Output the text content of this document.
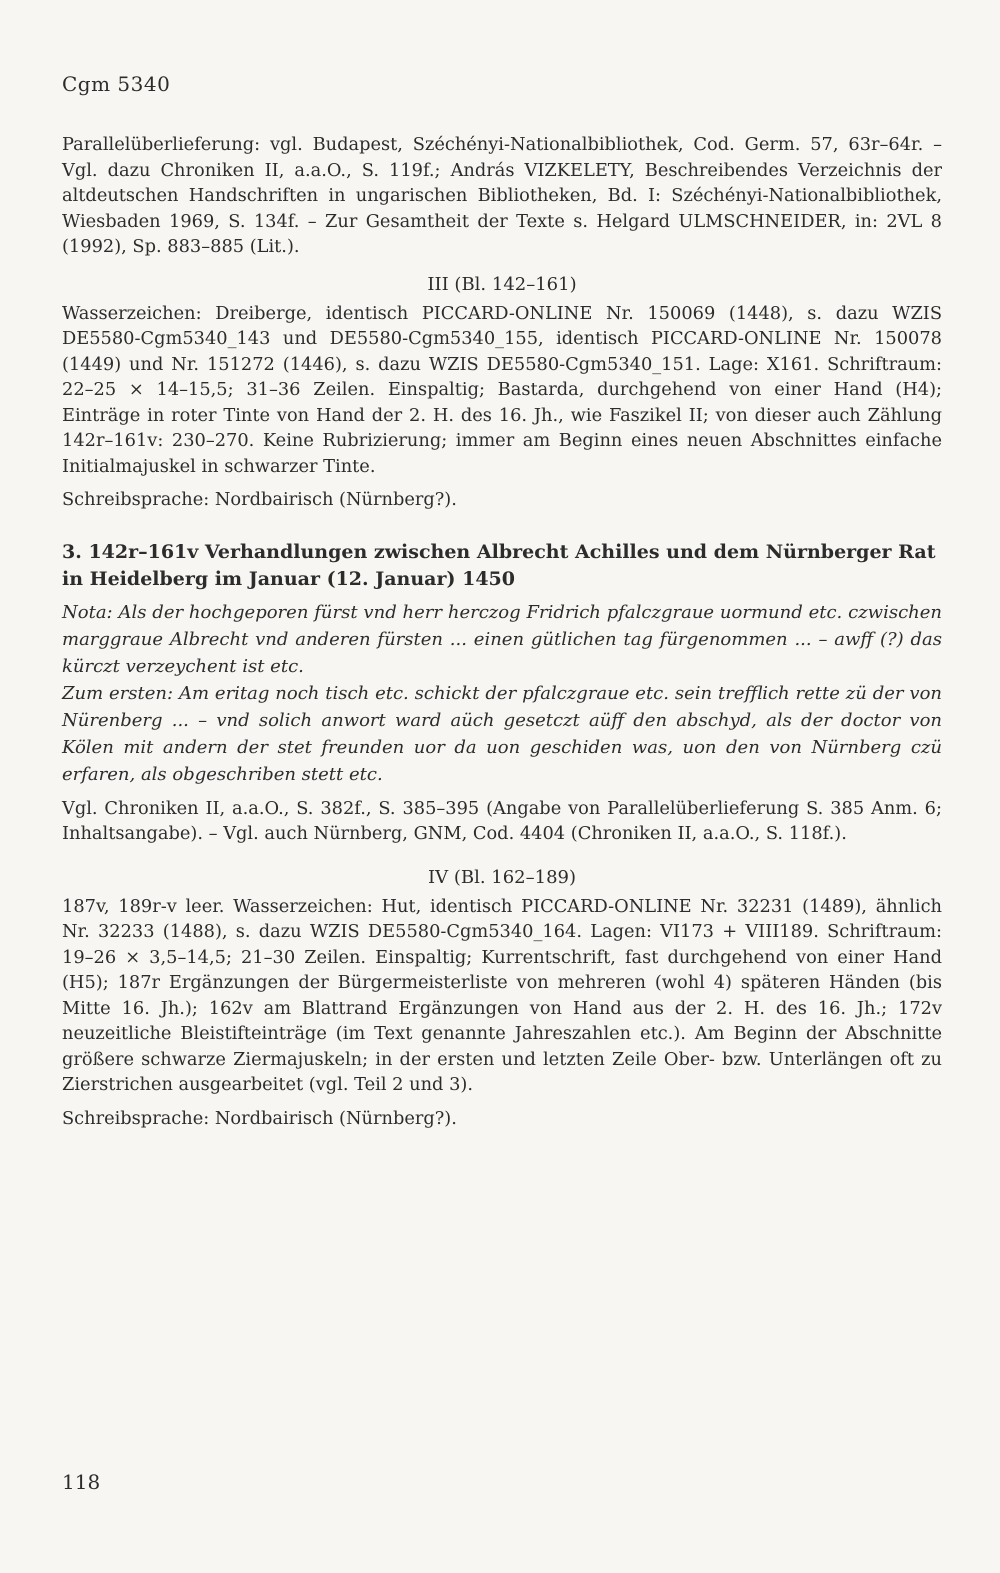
Cgm 5340

Parallelüberlieferung: vgl. Budapest, Széchényi-Nationalbibliothek, Cod. Germ. 57, 63r–64r. – Vgl. dazu Chroniken II, a.a.O., S. 119f.; András VIZKELETY, Beschreibendes Verzeichnis der altdeutschen Handschriften in ungarischen Bibliotheken, Bd. I: Széchényi-Nationalbibliothek, Wiesbaden 1969, S. 134f. – Zur Gesamtheit der Texte s. Helgard ULMSCHNEIDER, in: 2VL 8 (1992), Sp. 883–885 (Lit.).

III (Bl. 142–161)

Wasserzeichen: Dreiberge, identisch PICCARD-ONLINE Nr. 150069 (1448), s. dazu WZIS DE5580-Cgm5340_143 und DE5580-Cgm5340_155, identisch PICCARD-ONLINE Nr. 150078 (1449) und Nr. 151272 (1446), s. dazu WZIS DE5580-Cgm5340_151. Lage: X161. Schriftraum: 22–25 × 14–15,5; 31–36 Zeilen. Einspaltig; Bastarda, durchgehend von einer Hand (H4); Einträge in roter Tinte von Hand der 2. H. des 16. Jh., wie Faszikel II; von dieser auch Zählung 142r–161v: 230–270. Keine Rubrizierung; immer am Beginn eines neuen Abschnittes einfache Initialmajuskel in schwarzer Tinte.

Schreibsprache: Nordbairisch (Nürnberg?).

3. 142r–161v Verhandlungen zwischen Albrecht Achilles und dem Nürnberger Rat in Heidelberg im Januar (12. Januar) 1450
Nota: Als der hochgeporen fürst vnd herr herczog Fridrich pfalczgraue uormund etc. czwischen marggraue Albrecht vnd anderen fürsten ... einen gütlichen tag fürgenommen ... – awff (?) das kürczt verzeychent ist etc.
Zum ersten: Am eritag noch tisch etc. schickt der pfalczgraue etc. sein trefflich rette zü der von Nürenberg ... – vnd solich anwort ward aüch gesetczt aüff den abschyd, als der doctor von Kölen mit andern der stet freunden uor da uon geschiden was, uon den von Nürnberg czü erfaren, als obgeschriben stett etc.

Vgl. Chroniken II, a.a.O., S. 382f., S. 385–395 (Angabe von Parallelüberlieferung S. 385 Anm. 6; Inhaltsangabe). – Vgl. auch Nürnberg, GNM, Cod. 4404 (Chroniken II, a.a.O., S. 118f.).

IV (Bl. 162–189)

187v, 189r-v leer. Wasserzeichen: Hut, identisch PICCARD-ONLINE Nr. 32231 (1489), ähnlich Nr. 32233 (1488), s. dazu WZIS DE5580-Cgm5340_164. Lagen: VI173 + VIII189. Schriftraum: 19–26 × 3,5–14,5; 21–30 Zeilen. Einspaltig; Kurrentschrift, fast durchgehend von einer Hand (H5); 187r Ergänzungen der Bürgermeisterliste von mehreren (wohl 4) späteren Händen (bis Mitte 16. Jh.); 162v am Blattrand Ergänzungen von Hand aus der 2. H. des 16. Jh.; 172v neuzeitliche Bleistifteinträge (im Text genannte Jahreszahlen etc.). Am Beginn der Abschnitte größere schwarze Ziermajuskeln; in der ersten und letzten Zeile Ober- bzw. Unterlängen oft zu Zierstrichen ausgearbeitet (vgl. Teil 2 und 3).

Schreibsprache: Nordbairisch (Nürnberg?).

118
